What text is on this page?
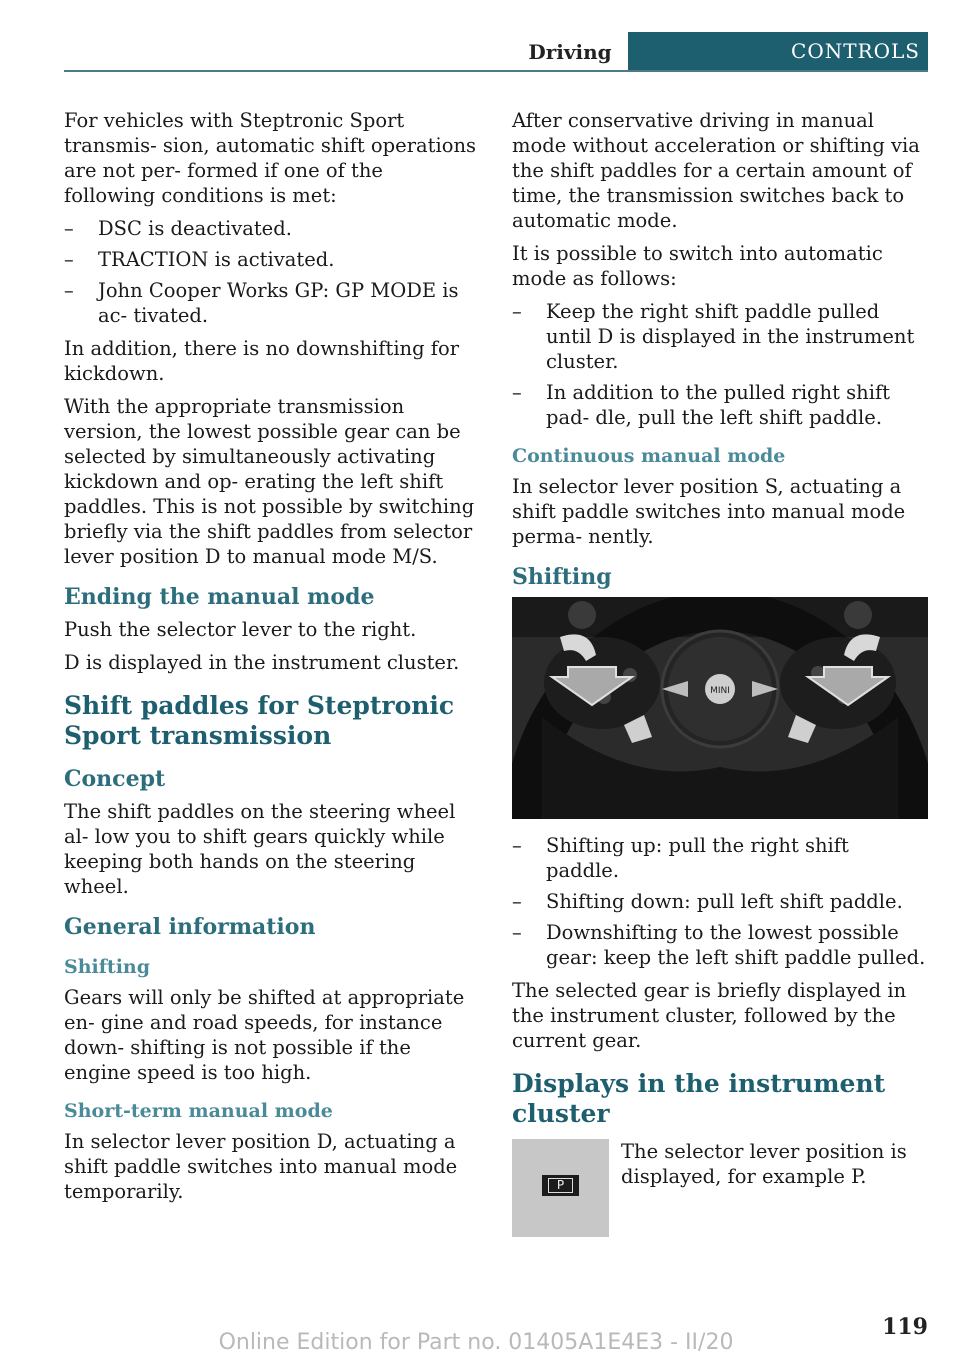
Driving	CONTROLS

For vehicles with Steptronic Sport transmis‐ sion, automatic shift operations are not per‐ formed if one of the following conditions is met:

– DSC is deactivated.
– TRACTION is activated.
– John Cooper Works GP: GP MODE is ac‐ tivated.

In addition, there is no downshifting for kickdown.

With the appropriate transmission version, the lowest possible gear can be selected by simultaneously activating kickdown and op‐ erating the left shift paddles. This is not possible by switching briefly via the shift paddles from selector lever position D to manual mode M/S.

Ending the manual mode

Push the selector lever to the right.

D is displayed in the instrument cluster.

Shift paddles for Steptronic Sport transmission
Concept

The shift paddles on the steering wheel al‐ low you to shift gears quickly while keeping both hands on the steering wheel.

General information
Shifting

Gears will only be shifted at appropriate en‐ gine and road speeds, for instance down‐ shifting is not possible if the engine speed is too high.

Short-term manual mode

In selector lever position D, actuating a shift paddle switches into manual mode temporarily.

After conservative driving in manual mode without acceleration or shifting via the shift paddles for a certain amount of time, the transmission switches back to automatic mode.

It is possible to switch into automatic mode as follows:

– Keep the right shift paddle pulled until D is displayed in the instrument cluster.
– In addition to the pulled right shift pad‐ dle, pull the left shift paddle.
Continuous manual mode

In selector lever position S, actuating a shift paddle switches into manual mode perma‐ nently.

Shifting
MINI
– Shifting up: pull the right shift paddle.
– Shifting down: pull left shift paddle.
– Downshifting to the lowest possible gear: keep the left shift paddle pulled.

The selected gear is briefly displayed in the instrument cluster, followed by the current gear.

Displays in the instrument cluster
P

The selector lever position is displayed, for example P.

119
Online Edition for Part no. 01405A1E4E3 - II/20
